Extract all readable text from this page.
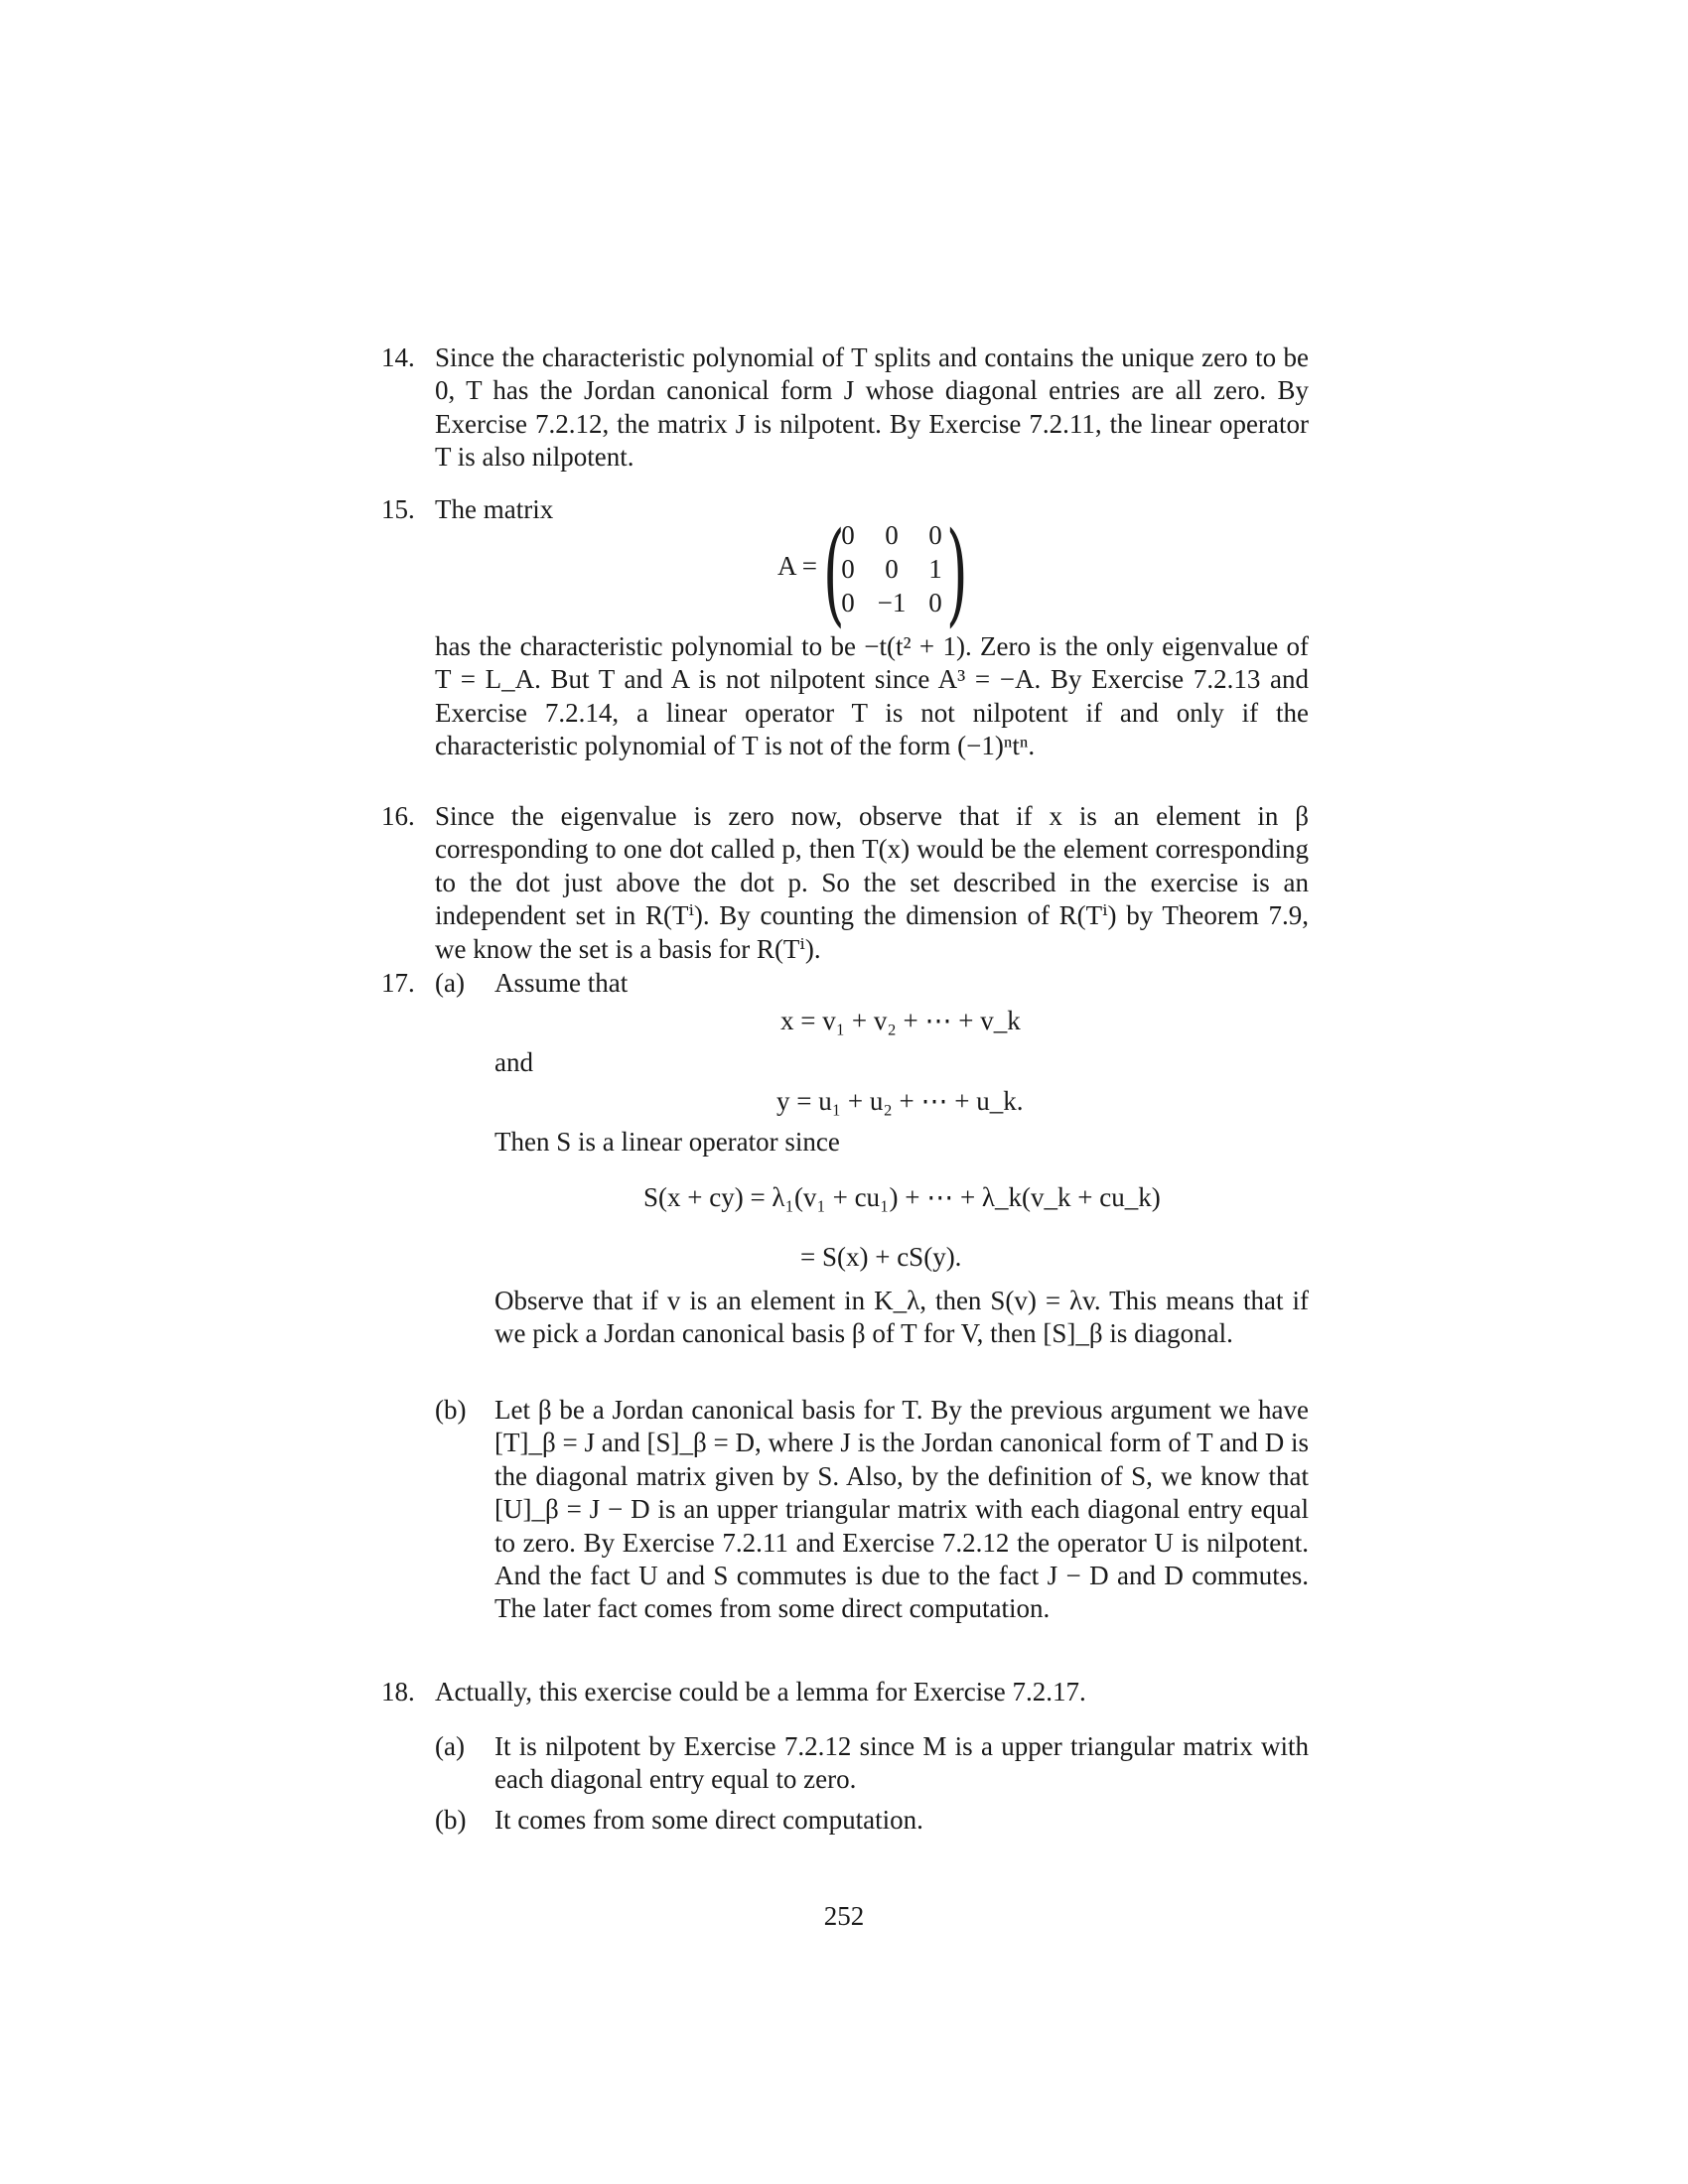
14. Since the characteristic polynomial of T splits and contains the unique zero to be 0, T has the Jordan canonical form J whose diagonal entries are all zero. By Exercise 7.2.12, the matrix J is nilpotent. By Exercise 7.2.11, the linear operator T is also nilpotent.
15. The matrix
A = ( )
0	0	0
0	0	1
0 −1 0
has the characteristic polynomial to be −t(t² + 1). Zero is the only eigenvalue of T = L_A. But T and A is not nilpotent since A³ = −A. By Exercise 7.2.13 and Exercise 7.2.14, a linear operator T is not nilpotent if and only if the characteristic polynomial of T is not of the form (−1)ⁿtⁿ.
16. Since the eigenvalue is zero now, observe that if x is an element in β corresponding to one dot called p, then T(x) would be the element corresponding to the dot just above the dot p. So the set described in the exercise is an independent set in R(Tⁱ). By counting the dimension of R(Tⁱ) by Theorem 7.9, we know the set is a basis for R(Tⁱ).
17. (a) Assume that
x = v₁ + v₂ + ⋯ + v_k
and
y = u₁ + u₂ + ⋯ + u_k.
Then S is a linear operator since
S(x + cy) = λ₁(v₁ + cu₁) + ⋯ + λ_k(v_k + cu_k)
= S(x) + cS(y).
Observe that if v is an element in K_λ, then S(v) = λv. This means that if we pick a Jordan canonical basis β of T for V, then [S]_β is diagonal.
(b) Let β be a Jordan canonical basis for T. By the previous argument we have [T]_β = J and [S]_β = D, where J is the Jordan canonical form of T and D is the diagonal matrix given by S. Also, by the definition of S, we know that [U]_β = J − D is an upper triangular matrix with each diagonal entry equal to zero. By Exercise 7.2.11 and Exercise 7.2.12 the operator U is nilpotent. And the fact U and S commutes is due to the fact J − D and D commutes. The later fact comes from some direct computation.
18. Actually, this exercise could be a lemma for Exercise 7.2.17.
(a) It is nilpotent by Exercise 7.2.12 since M is a upper triangular matrix with each diagonal entry equal to zero.
(b) It comes from some direct computation.
252
